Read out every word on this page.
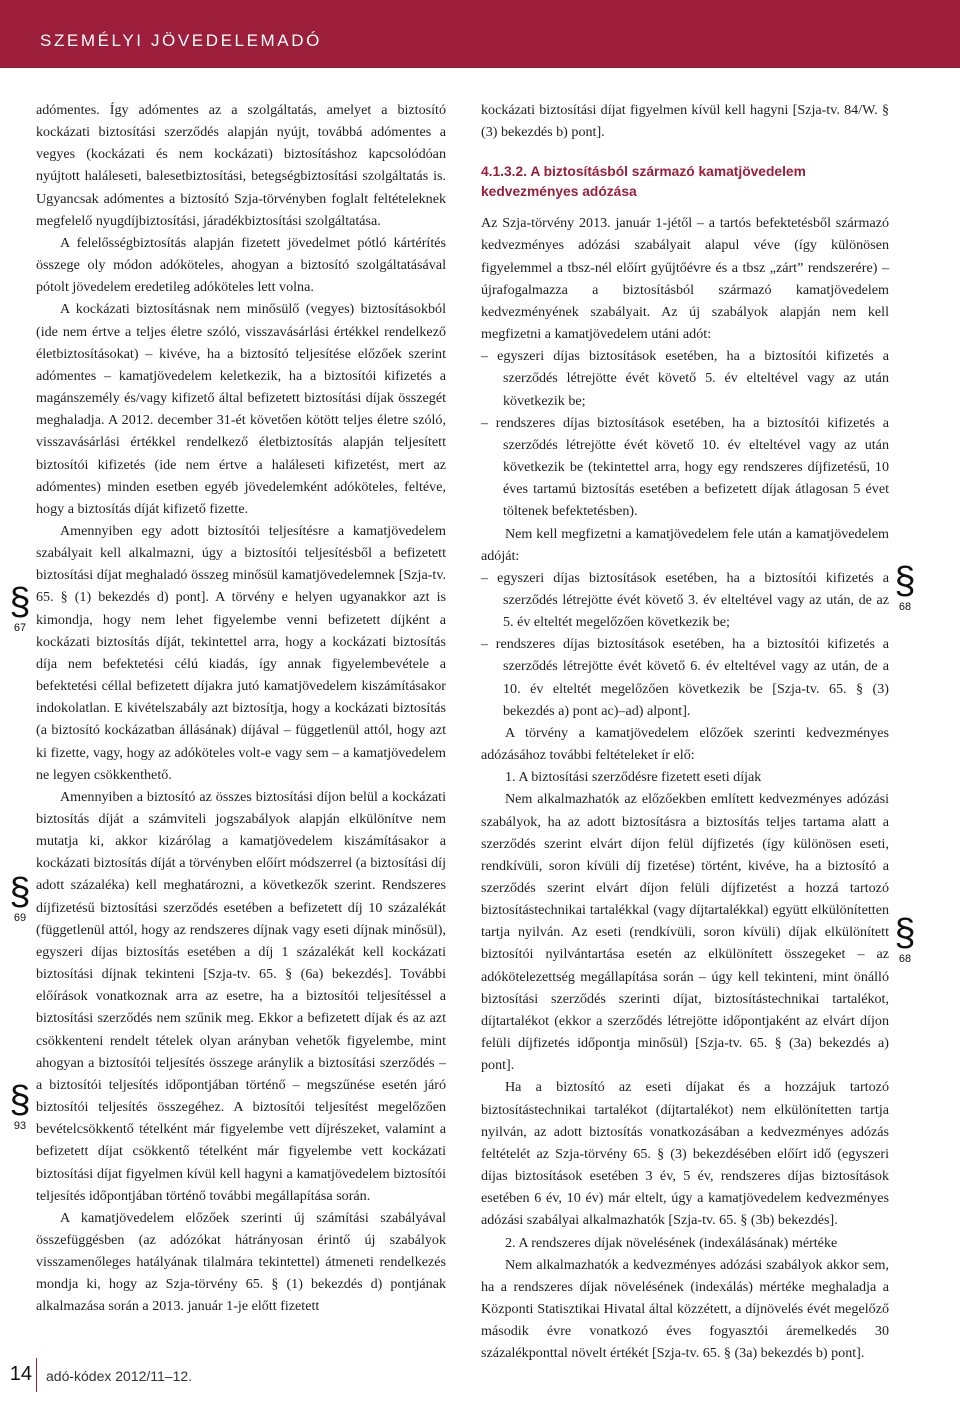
SZEMÉLYI JÖVEDELEMADÓ

adómentes. Így adómentes az a szolgáltatás, amelyet a biztosító kockázati biztosítási szerződés alapján nyújt, továbbá adómentes a vegyes (kockázati és nem kockázati) biztosításhoz kapcsolódóan nyújtott haláleseti, balesetbiztosítási, betegségbiztosítási szolgáltatás is. Ugyancsak adómentes a biztosító Szja-törvényben foglalt feltételeknek megfelelő nyugdíjbiztosítási, járadékbiztosítási szolgáltatása.

A felelősségbiztosítás alapján fizetett jövedelmet pótló kártérítés összege oly módon adóköteles, ahogyan a biztosító szolgáltatásával pótolt jövedelem eredetileg adóköteles lett volna.

A kockázati biztosításnak nem minősülő (vegyes) biztosításokból (ide nem értve a teljes életre szóló, visszavásárlási értékkel rendelkező életbiztosításokat) – kivéve, ha a biztosító teljesítése előzőek szerint adómentes – kamatjövedelem keletkezik, ha a biztosítói kifizetés a magánszemély és/vagy kifizető által befizetett biztosítási díjak összegét meghaladja. A 2012. december 31-ét követően kötött teljes életre szóló, visszavásárlási értékkel rendelkező életbiztosítás alapján teljesített biztosítói kifizetés (ide nem értve a haláleseti kifizetést, mert az adómentes) minden esetben egyéb jövedelemként adóköteles, feltéve, hogy a biztosítás díját kifizető fizette.

Amennyiben egy adott biztosítói teljesítésre a kamatjövedelem szabályait kell alkalmazni, úgy a biztosítói teljesítésből a befizetett biztosítási díjat meghaladó összeg minősül kamatjövedelemnek [Szja-tv. 65. § (1) bekezdés d) pont]. A törvény e helyen ugyanakkor azt is kimondja, hogy nem lehet figyelembe venni befizetett díjként a kockázati biztosítás díját, tekintettel arra, hogy a kockázati biztosítás díja nem befektetési célú kiadás, így annak figyelembevétele a befektetési céllal befizetett díjakra jutó kamatjövedelem kiszámításakor indokolatlan. E kivételszabály azt biztosítja, hogy a kockázati biztosítás (a biztosító kockázatban állásának) díjával – függetlenül attól, hogy azt ki fizette, vagy, hogy az adóköteles volt-e vagy sem – a kamatjövedelem ne legyen csökkenthető.

Amennyiben a biztosító az összes biztosítási díjon belül a kockázati biztosítás díját a számviteli jogszabályok alapján elkülönítve nem mutatja ki, akkor kizárólag a kamatjövedelem kiszámításakor a kockázati biztosítás díját a törvényben előírt módszerrel (a biztosítási díj adott százaléka) kell meghatározni, a következők szerint. Rendszeres díjfizetésű biztosítási szerződés esetében a befizetett díj 10 százalékát (függetlenül attól, hogy az rendszeres díjnak vagy eseti díjnak minősül), egyszeri díjas biztosítás esetében a díj 1 százalékát kell kockázati biztosítási díjnak tekinteni [Szja-tv. 65. § (6a) bekezdés]. További előírások vonatkoznak arra az esetre, ha a biztosítói teljesítéssel a biztosítási szerződés nem szűnik meg. Ekkor a befizetett díjak és az azt csökkenteni rendelt tételek olyan arányban vehetők figyelembe, mint ahogyan a biztosítói teljesítés összege aránylik a biztosítási szerződés – a biztosítói teljesítés időpontjában történő – megszűnése esetén járó biztosítói teljesítés összegéhez. A biztosítói teljesítést megelőzően bevételcsökkentő tételként már figyelembe vett díjrészeket, valamint a befizetett díjat csökkentő tételként már figyelembe vett kockázati biztosítási díjat figyelmen kívül kell hagyni a kamatjövedelem biztosítói teljesítés időpontjában történő további megállapítása során.

A kamatjövedelem előzőek szerinti új számítási szabályával összefüggésben (az adózókat hátrányosan érintő új szabályok visszamenőleges hatályának tilalmára tekintettel) átmeneti rendelkezés mondja ki, hogy az Szja-törvény 65. § (1) bekezdés d) pontjának alkalmazása során a 2013. január 1-je előtt fizetett

kockázati biztosítási díjat figyelmen kívül kell hagyni [Szja-tv. 84/W. § (3) bekezdés b) pont].

4.1.3.2. A biztosításból származó kamatjövedelem kedvezményes adózása

Az Szja-törvény 2013. január 1-jétől – a tartós befektetésből származó kedvezményes adózási szabályait alapul véve (így különösen figyelemmel a tbsz-nél előírt gyűjtőévre és a tbsz „zárt” rendszerére) – újrafogalmazza a biztosításból származó kamatjövedelem kedvezményének szabályait. Az új szabályok alapján nem kell megfizetni a kamatjövedelem utáni adót:

– egyszeri díjas biztosítások esetében, ha a biztosítói kifizetés a szerződés létrejötte évét követő 5. év elteltével vagy az után következik be;

– rendszeres díjas biztosítások esetében, ha a biztosítói kifizetés a szerződés létrejötte évét követő 10. év elteltével vagy az után következik be (tekintettel arra, hogy egy rendszeres díjfizetésű, 10 éves tartamú biztosítás esetében a befizetett díjak átlagosan 5 évet töltenek befektetésben).

Nem kell megfizetni a kamatjövedelem fele után a kamatjövedelem adóját:

– egyszeri díjas biztosítások esetében, ha a biztosítói kifizetés a szerződés létrejötte évét követő 3. év elteltével vagy az után, de az 5. év elteltét megelőzően következik be;

– rendszeres díjas biztosítások esetében, ha a biztosítói kifizetés a szerződés létrejötte évét követő 6. év elteltével vagy az után, de a 10. év elteltét megelőzően következik be [Szja-tv. 65. § (3) bekezdés a) pont ac)–ad) alpont].

A törvény a kamatjövedelem előzőek szerinti kedvezményes adózásához további feltételeket ír elő:

1. A biztosítási szerződésre fizetett eseti díjak

Nem alkalmazhatók az előzőekben említett kedvezményes adózási szabályok, ha az adott biztosításra a biztosítás teljes tartama alatt a szerződés szerint elvárt díjon felül díjfizetés (így különösen eseti, rendkívüli, soron kívüli díj fizetése) történt, kivéve, ha a biztosító a szerződés szerint elvárt díjon felüli díjfizetést a hozzá tartozó biztosítástechnikai tartalékkal (vagy díjtartalékkal) együtt elkülönítetten tartja nyilván. Az eseti (rendkívüli, soron kívüli) díjak elkülönített biztosítói nyilvántartása esetén az elkülönített összegeket – az adókötelezettség megállapítása során – úgy kell tekinteni, mint önálló biztosítási szerződés szerinti díjat, biztosítástechnikai tartalékot, díjtartalékot (ekkor a szerződés létrejötte időpontjaként az elvárt díjon felüli díjfizetés időpontja minősül) [Szja-tv. 65. § (3a) bekezdés a) pont].

Ha a biztosító az eseti díjakat és a hozzájuk tartozó biztosítástechnikai tartalékot (díjtartalékot) nem elkülönítetten tartja nyilván, az adott biztosítás vonatkozásában a kedvezményes adózás feltételét az Szja-törvény 65. § (3) bekezdésében előírt idő (egyszeri díjas biztosítások esetében 3 év, 5 év, rendszeres díjas biztosítások esetében 6 év, 10 év) már eltelt, úgy a kamatjövedelem kedvezményes adózási szabályai alkalmazhatók [Szja-tv. 65. § (3b) bekezdés].

2. A rendszeres díjak növelésének (indexálásának) mértéke

Nem alkalmazhatók a kedvezményes adózási szabályok akkor sem, ha a rendszeres díjak növelésének (indexálás) mértéke meghaladja a Központi Statisztikai Hivatal által közzétett, a díjnövelés évét megelőző második évre vonatkozó éves fogyasztói áremelkedés 30 százalékponttal növelt értékét [Szja-tv. 65. § (3a) bekezdés b) pont].

§
67
§
69
§
93
§
68
§
68
14 adó-kódex 2012/11–12.
